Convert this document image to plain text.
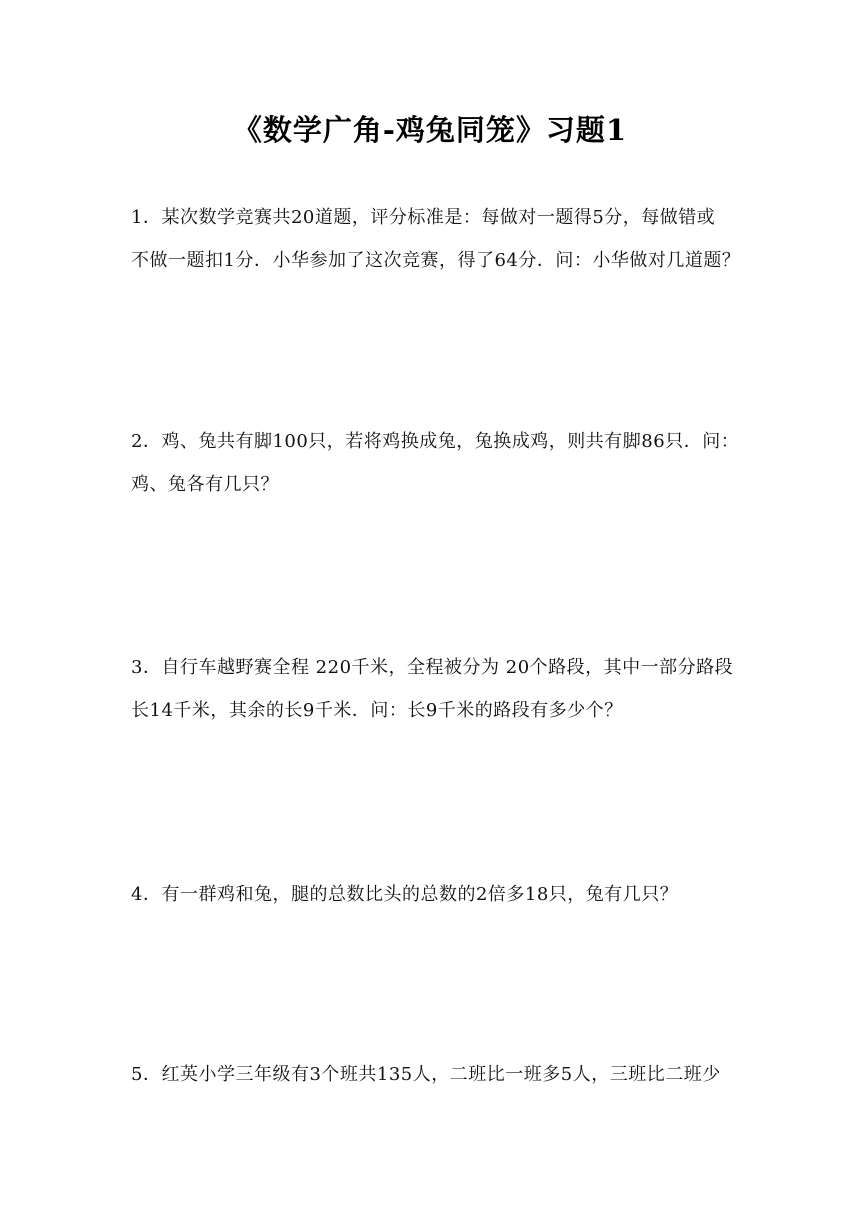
《数学广角-鸡兔同笼》习题1
1．某次数学竞赛共20道题，评分标准是：每做对一题得5分，每做错或
不做一题扣1分．小华参加了这次竞赛，得了64分．问：小华做对几道题？
2．鸡、兔共有脚100只，若将鸡换成兔，兔换成鸡，则共有脚86只．问：
鸡、兔各有几只？
3．自行车越野赛全程 220千米，全程被分为 20个路段，其中一部分路段
长14千米，其余的长9千米．问：长9千米的路段有多少个？
4．有一群鸡和兔，腿的总数比头的总数的2倍多18只，兔有几只？
5．红英小学三年级有3个班共135人，二班比一班多5人，三班比二班少
